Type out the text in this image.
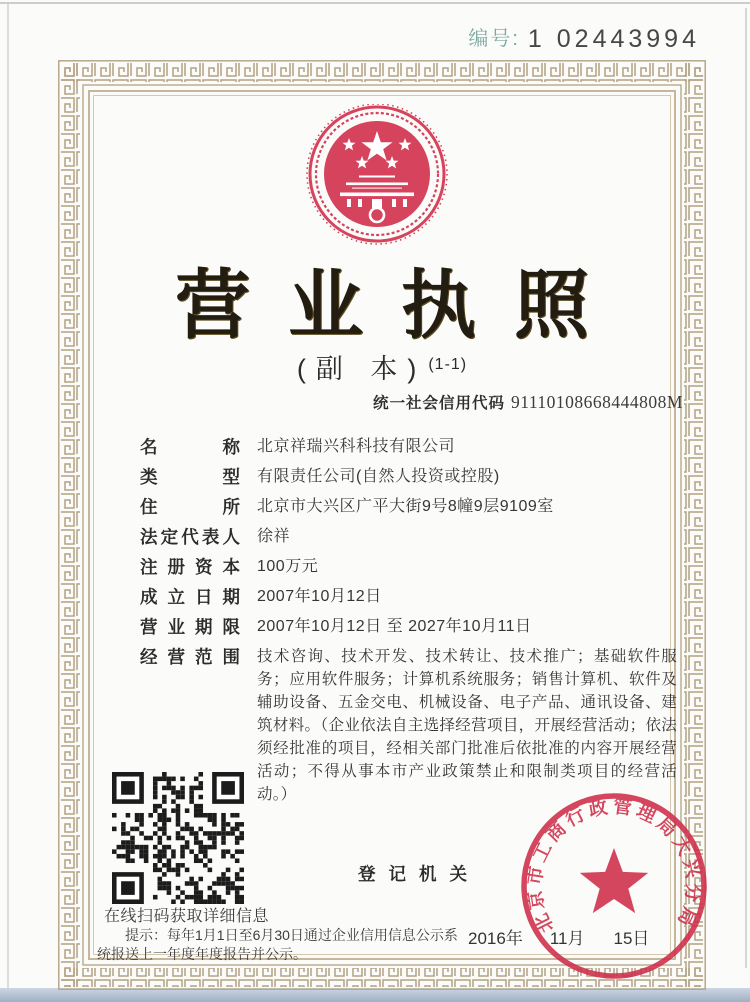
编号: 1 02443994
营业执照
(副 本) (1-1)
统一社会信用代码 91110108668444808M
名称 北京祥瑞兴科科技有限公司
类型 有限责任公司(自然人投资或控股)
住所 北京市大兴区广平大街9号8幢9层9109室
法定代表人 徐祥
注册资本 100万元
成立日期 2007年10月12日
营业期限 2007年10月12日 至 2027年10月11日
经营范围 技术咨询、技术开发、技术转让、技术推广；基础软件服务；应用软件服务；计算机系统服务；销售计算机、软件及辅助设备、五金交电、机械设备、电子产品、通讯设备、建筑材料。（企业依法自主选择经营项目，开展经营活动；依法须经批准的项目，经相关部门批准后依批准的内容开展经营活动；不得从事本市产业政策禁止和限制类项目的经营活动。）
在线扫码获取详细信息
登记机关
2016年 11月 15日
北京市工商行政管理局大兴分局
提示：每年1月1日至6月30日通过企业信用信息公示系统报送上一年度年度报告并公示。
